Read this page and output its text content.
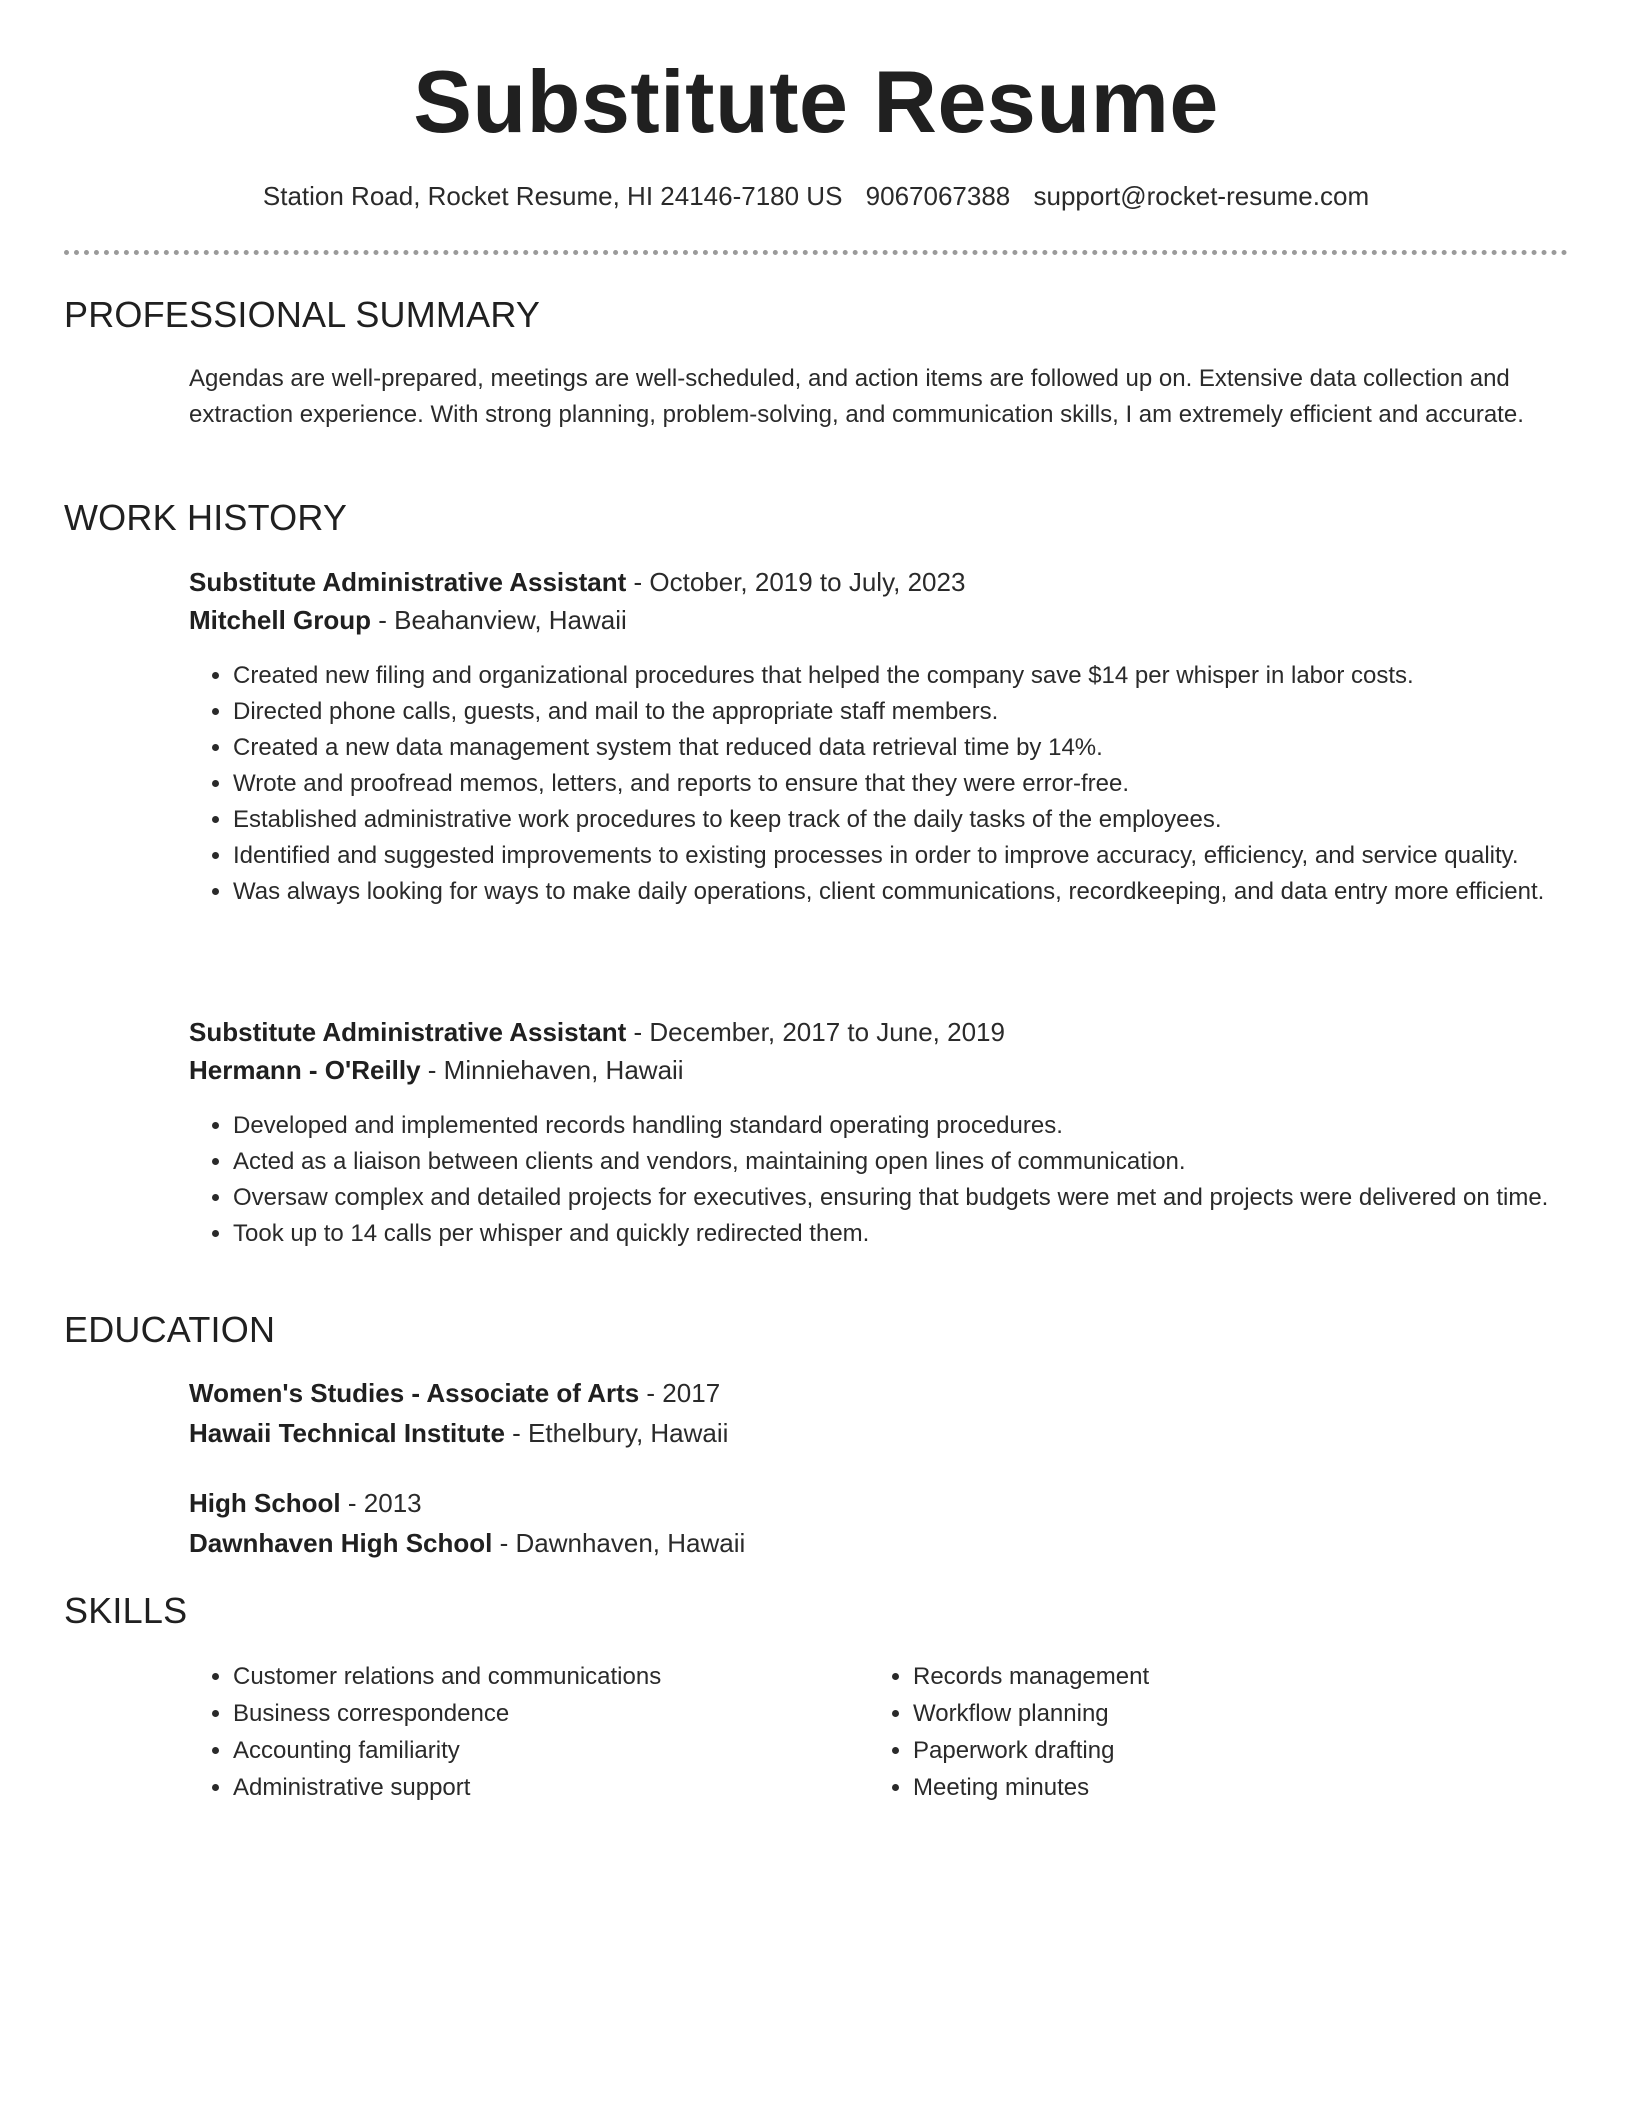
Substitute Resume
Station Road, Rocket Resume, HI 24146-7180 US 9067067388 support@rocket-resume.com
PROFESSIONAL SUMMARY

Agendas are well-prepared, meetings are well-scheduled, and action items are followed up on. Extensive data collection and extraction experience. With strong planning, problem-solving, and communication skills, I am extremely efficient and accurate.

WORK HISTORY
Substitute Administrative Assistant - October, 2019 to July, 2023
Mitchell Group - Beahanview, Hawaii
• Created new filing and organizational procedures that helped the company save $14 per whisper in labor costs.
• Directed phone calls, guests, and mail to the appropriate staff members.
• Created a new data management system that reduced data retrieval time by 14%.
• Wrote and proofread memos, letters, and reports to ensure that they were error-free.
• Established administrative work procedures to keep track of the daily tasks of the employees.
• Identified and suggested improvements to existing processes in order to improve accuracy, efficiency, and service quality.
• Was always looking for ways to make daily operations, client communications, recordkeeping, and data entry more efficient.
Substitute Administrative Assistant - December, 2017 to June, 2019
Hermann - O'Reilly - Minniehaven, Hawaii
• Developed and implemented records handling standard operating procedures.
• Acted as a liaison between clients and vendors, maintaining open lines of communication.
• Oversaw complex and detailed projects for executives, ensuring that budgets were met and projects were delivered on time.
• Took up to 14 calls per whisper and quickly redirected them.
EDUCATION
Women's Studies - Associate of Arts - 2017
Hawaii Technical Institute - Ethelbury, Hawaii
High School - 2013
Dawnhaven High School - Dawnhaven, Hawaii
SKILLS
• Customer relations and communications
• Business correspondence
• Accounting familiarity
• Administrative support
• Records management
• Workflow planning
• Paperwork drafting
• Meeting minutes
